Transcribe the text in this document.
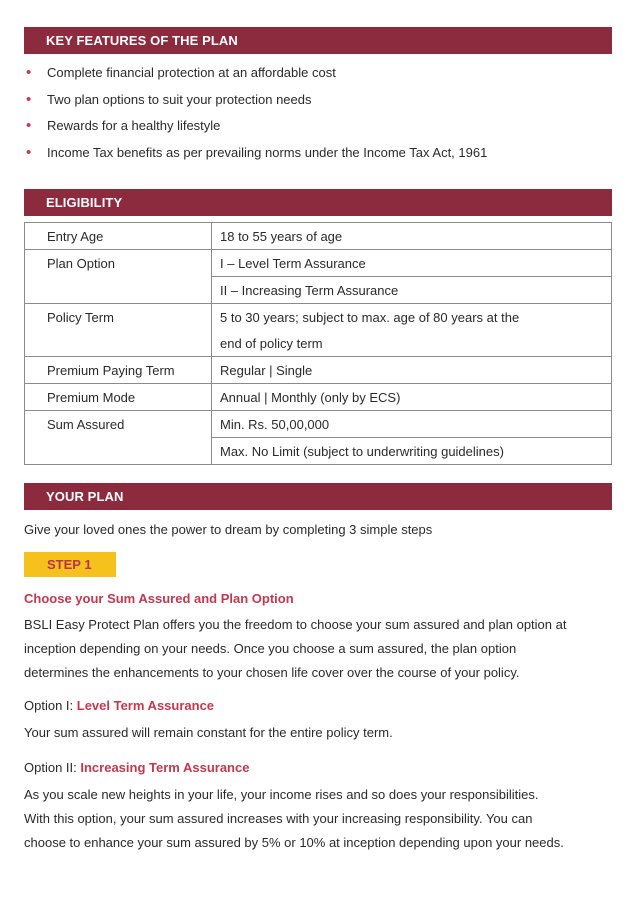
KEY FEATURES OF THE PLAN
• Complete financial protection at an affordable cost
• Two plan options to suit your protection needs
• Rewards for a healthy lifestyle
• Income Tax benefits as per prevailing norms under the Income Tax Act, 1961
ELIGIBILITY
Entry Age	18 to 55 years of age

Plan Option	I – Level Term Assurance
II – Increasing Term Assurance

Policy Term	5 to 30 years; subject to max. age of 80 years at the
end of policy term

Premium Paying Term	Regular | Single

Premium Mode	Annual | Monthly (only by ECS)

Sum Assured	Min. Rs. 50,00,000
Max. No Limit (subject to underwriting guidelines)
YOUR PLAN

Give your loved ones the power to dream by completing 3 simple steps

STEP 1

Choose your Sum Assured and Plan Option

BSLI Easy Protect Plan offers you the freedom to choose your sum assured and plan option at
inception depending on your needs. Once you choose a sum assured, the plan option
determines the enhancements to your chosen life cover over the course of your policy.

Option I: Level Term Assurance

Your sum assured will remain constant for the entire policy term.

Option II: Increasing Term Assurance

As you scale new heights in your life, your income rises and so does your responsibilities.
With this option, your sum assured increases with your increasing responsibility. You can
choose to enhance your sum assured by 5% or 10% at inception depending upon your needs.
